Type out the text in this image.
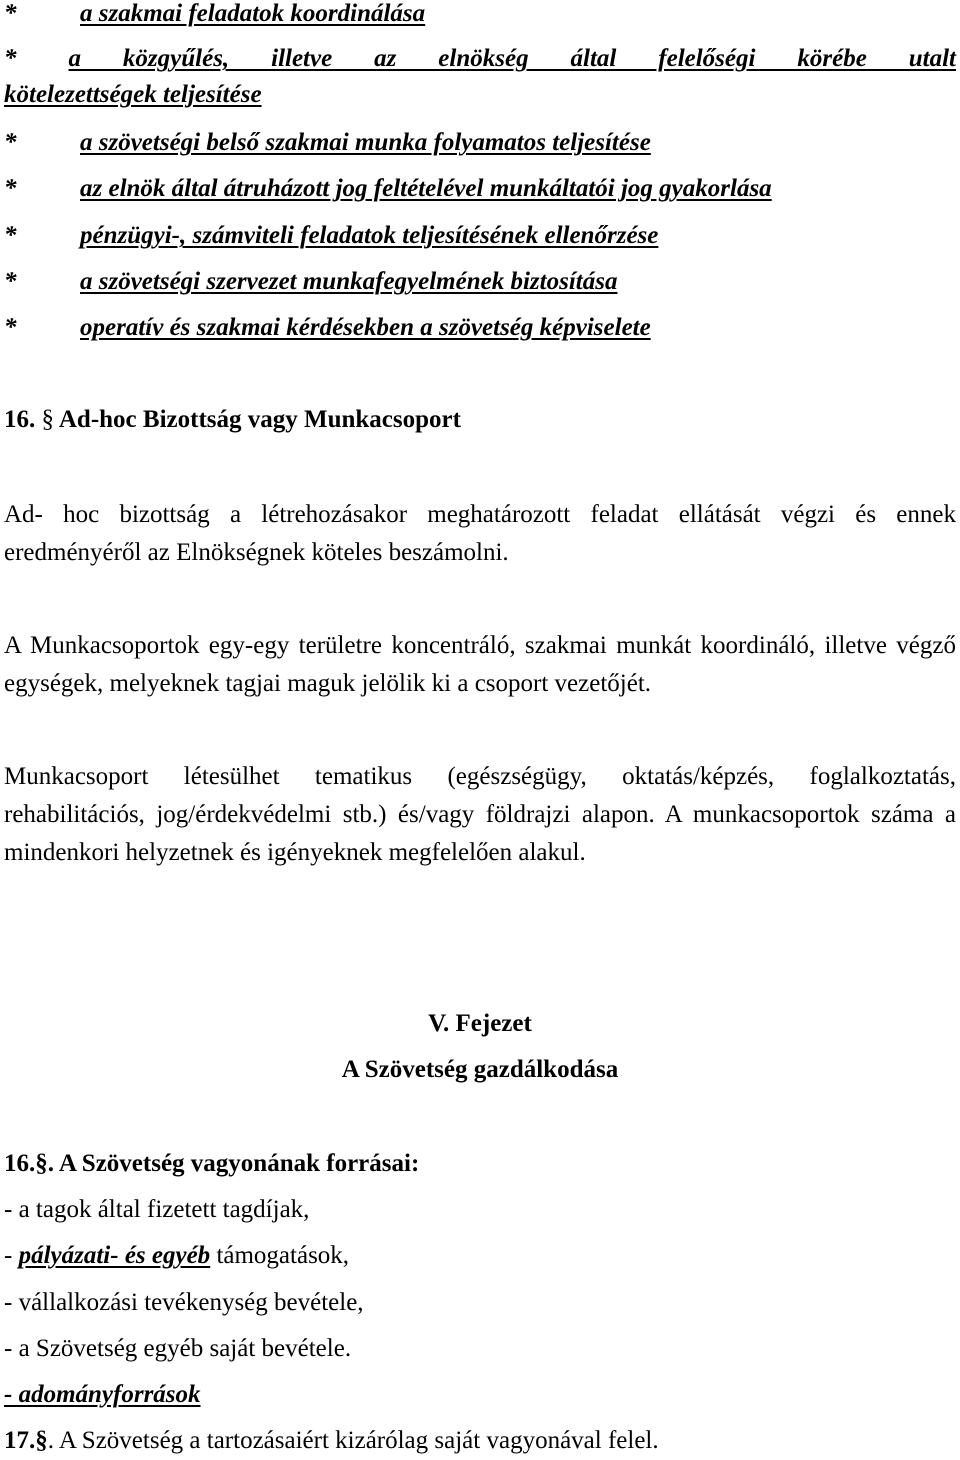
*	a szakmai feladatok koordinálása
* a közgyűlés, illetve az elnökség által felelőségi körébe utalt
kötelezettségek teljesítése
*	a szövetségi belső szakmai munka folyamatos teljesítése
*	az elnök által átruházott jog feltételével munkáltatói jog gyakorlása
*	pénzügyi-, számviteli feladatok teljesítésének ellenőrzése
*	a szövetségi szervezet munkafegyelmének biztosítása
*	operatív és szakmai kérdésekben a szövetség képviselete
16. § Ad-hoc Bizottság vagy Munkacsoport
Ad- hoc bizottság a létrehozásakor meghatározott feladat ellátását végzi és ennek eredményéről az Elnökségnek köteles beszámolni.
A Munkacsoportok egy-egy területre koncentráló, szakmai munkát koordináló, illetve végző egységek, melyeknek tagjai maguk jelölik ki a csoport vezetőjét.
Munkacsoport létesülhet tematikus (egészségügy, oktatás/képzés, foglalkoztatás, rehabilitációs, jog/érdekvédelmi stb.) és/vagy földrajzi alapon. A munkacsoportok száma a mindenkori helyzetnek és igényeknek megfelelően alakul.
V. Fejezet
A Szövetség gazdálkodása
16.§. A Szövetség vagyonának forrásai:
- a tagok által fizetett tagdíjak,
- pályázati- és egyéb támogatások,
- vállalkozási tevékenység bevétele,
- a Szövetség egyéb saját bevétele.
- adományforrások
17.§. A Szövetség a tartozásaiért kizárólag saját vagyonával felel.
